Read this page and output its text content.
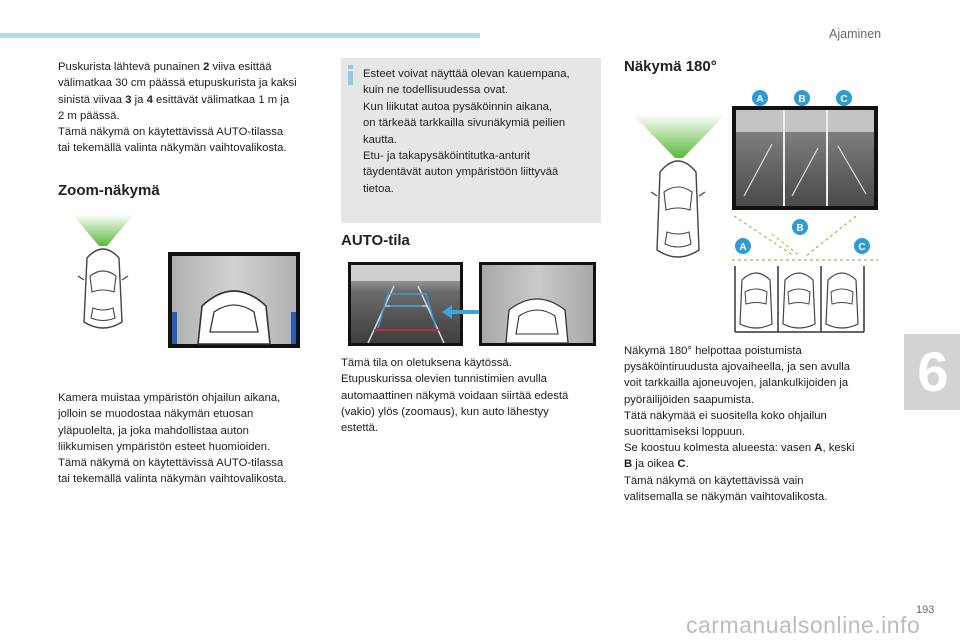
Ajaminen
Puskurista lähtevä punainen 2 viiva esittää
välimatkaa 30 cm päässä etupuskurista ja kaksi
sinistä viivaa 3 ja 4 esittävät välimatkaa 1 m ja
2 m päässä.
Tämä näkymä on käytettävissä AUTO-tilassa
tai tekemällä valinta näkymän vaihtovalikosta.
Zoom-näkymä
Kamera muistaa ympäristön ohjailun aikana,
jolloin se muodostaa näkymän etuosan
yläpuolelta, ja joka mahdollistaa auton
liikkumisen ympäristön esteet huomioiden.
Tämä näkymä on käytettävissä AUTO-tilassa
tai tekemällä valinta näkymän vaihtovalikosta.
Esteet voivat näyttää olevan kauempana,
kuin ne todellisuudessa ovat.
Kun liikutat autoa pysäköinnin aikana,
on tärkeää tarkkailla sivunäkymiä peilien
kautta.
Etu- ja takapysäköintitutka-anturit
täydentävät auton ympäristöön liittyvää
tietoa.
AUTO-tila
Tämä tila on oletuksena käytössä.
Etupuskurissa olevien tunnistimien avulla
automaattinen näkymä voidaan siirtää edestä
(vakio) ylös (zoomaus), kun auto lähestyy
estettä.
Näkymä 180°
A	B	C
B
A	C
Näkymä 180° helpottaa poistumista
pysäköintiruudusta ajovaiheella, ja sen avulla
voit tarkkailla ajoneuvojen, jalankulkijoiden ja
pyöräilijöiden saapumista.
Tätä näkymää ei suositella koko ohjailun
suorittamiseksi loppuun.
Se koostuu kolmesta alueesta: vasen A, keski
B ja oikea C.
Tämä näkymä on käytettävissä vain
valitsemalla se näkymän vaihtovalikosta.
6
193
carmanualsonline.info
